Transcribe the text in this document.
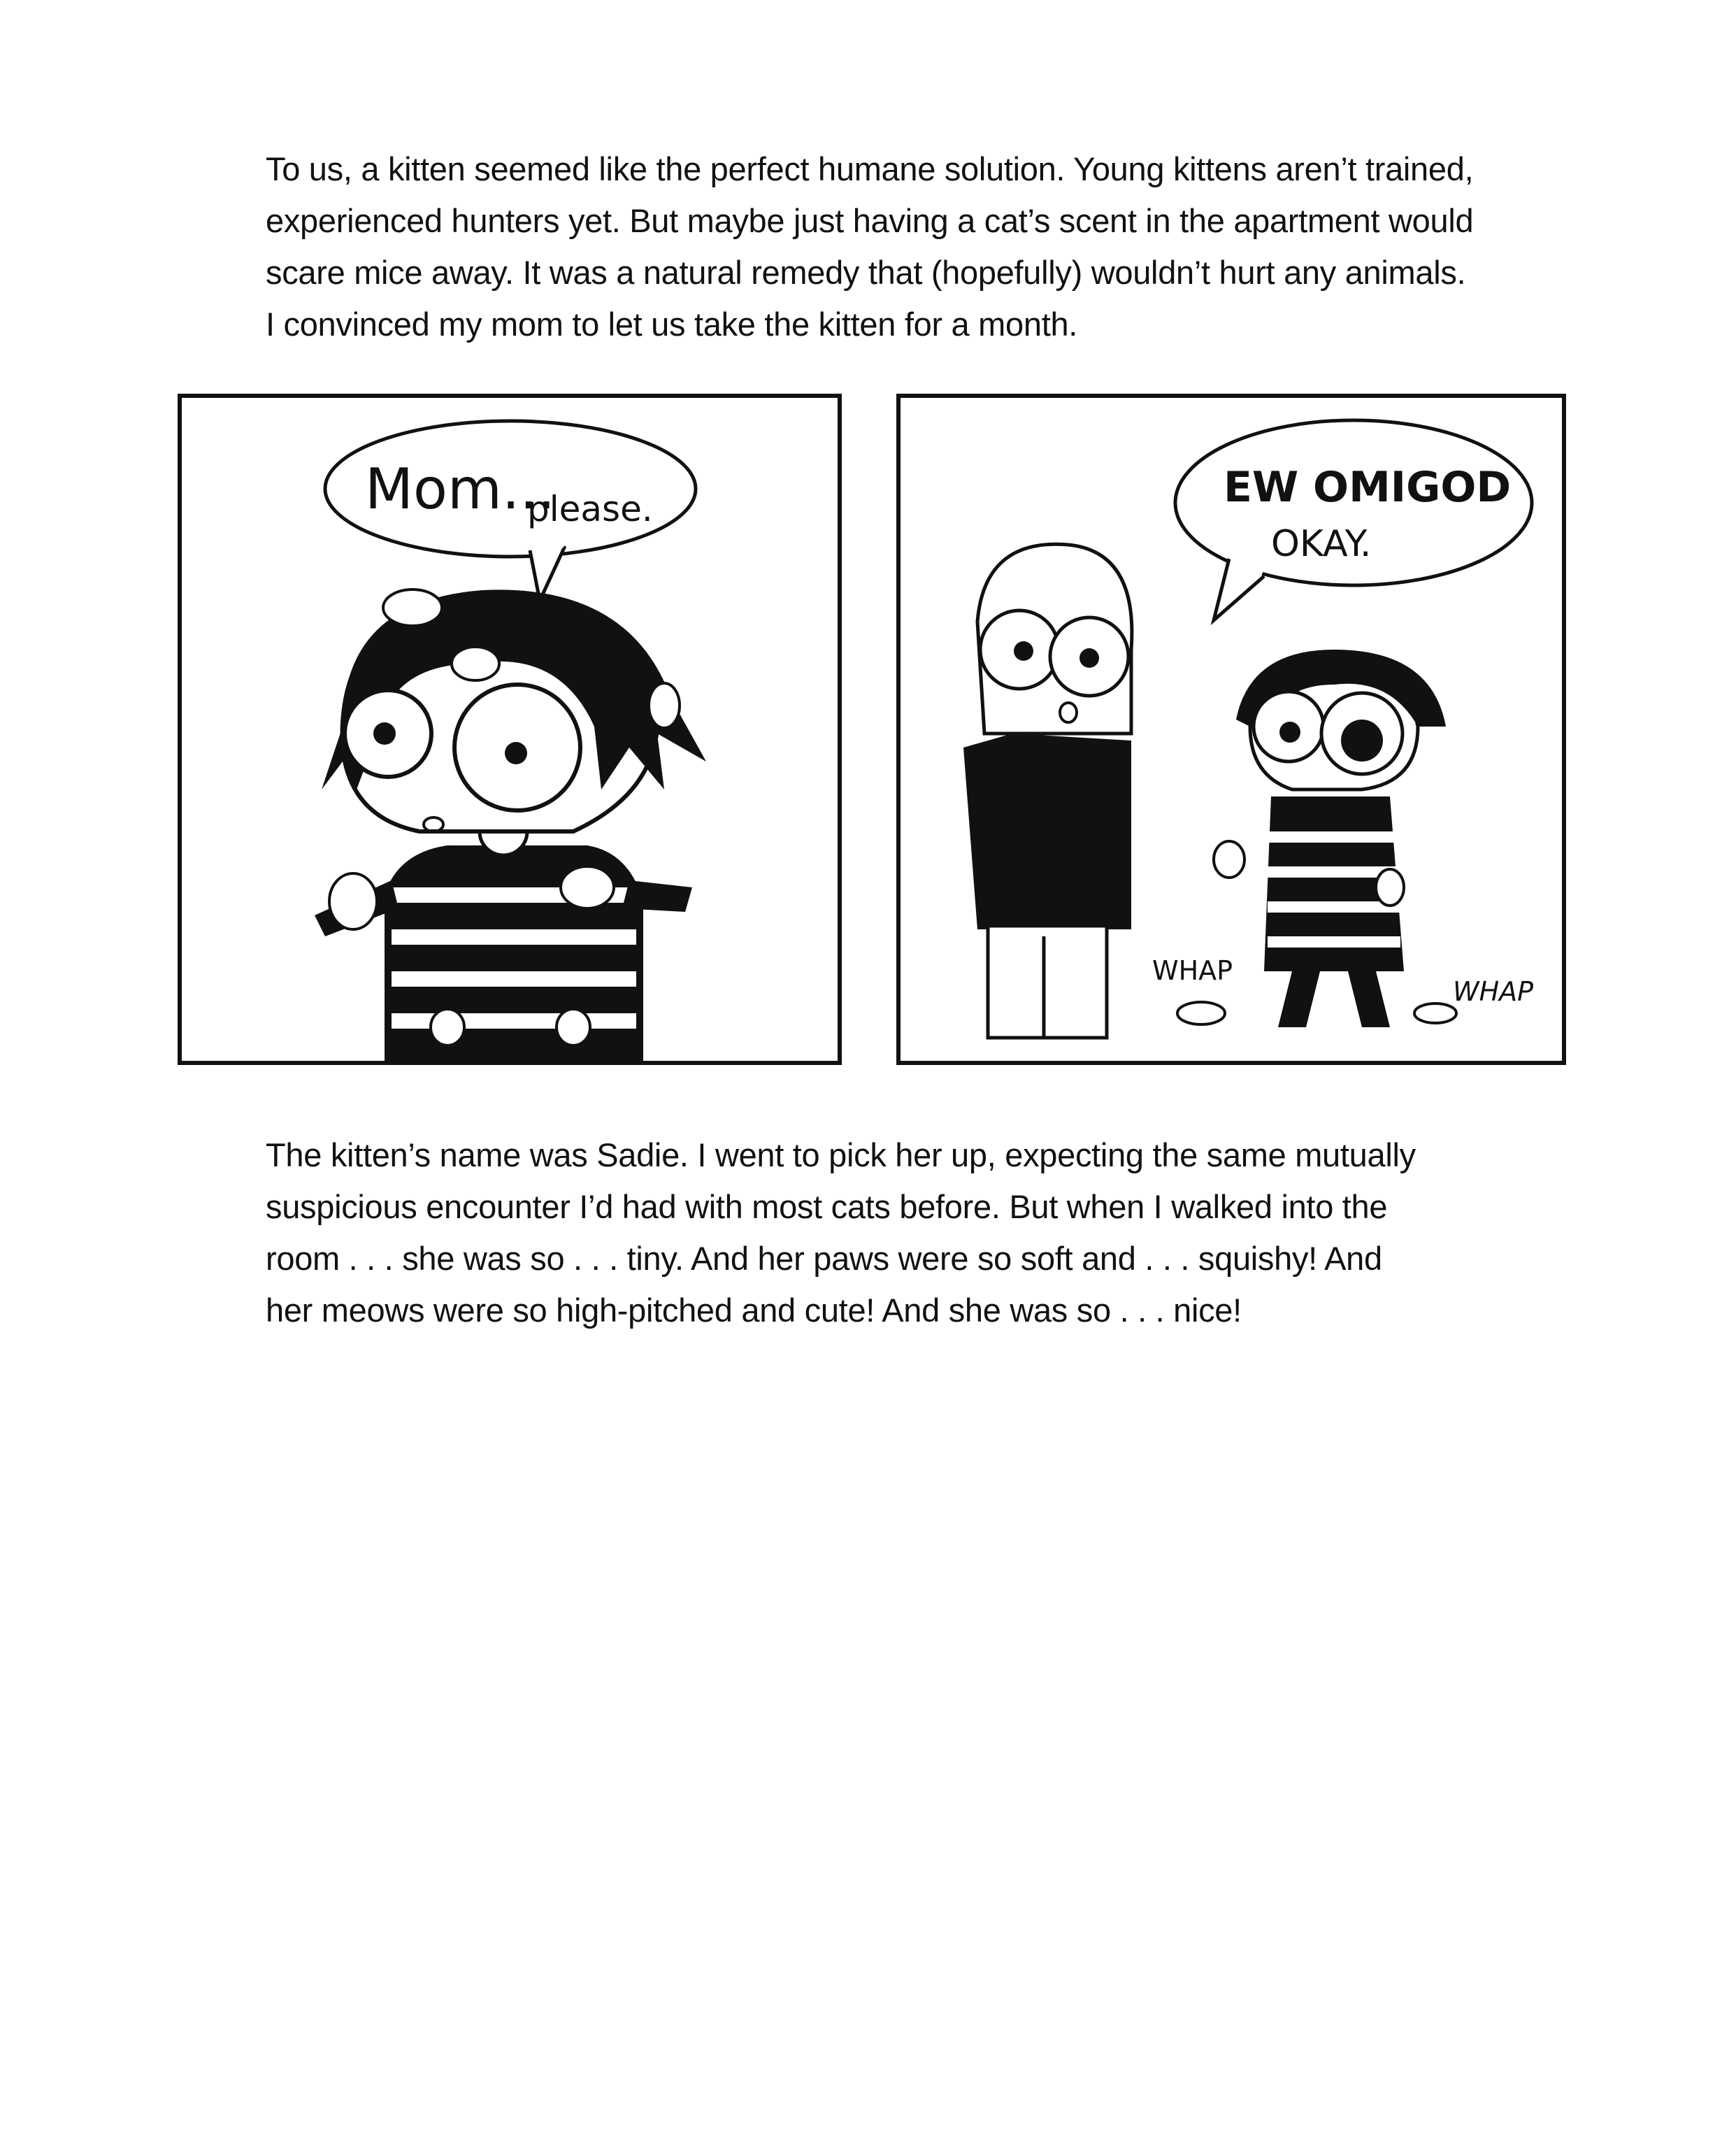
To us, a kitten seemed like the perfect humane solution. Young kittens aren’t trained,
experienced hunters yet. But maybe just having a cat’s scent in the apartment would
scare mice away. It was a natural remedy that (hopefully) wouldn’t hurt any animals.
I convinced my mom to let us take the kitten for a month.
Mom...
please.	EW OMIGOD
OKAY.
WHAP
WHAP
The kitten’s name was Sadie. I went to pick her up, expecting the same mutually
suspicious encounter I’d had with most cats before. But when I walked into the
room . . . she was so . . . tiny. And her paws were so soft and . . . squishy! And
her meows were so high-pitched and cute! And she was so . . . nice!
